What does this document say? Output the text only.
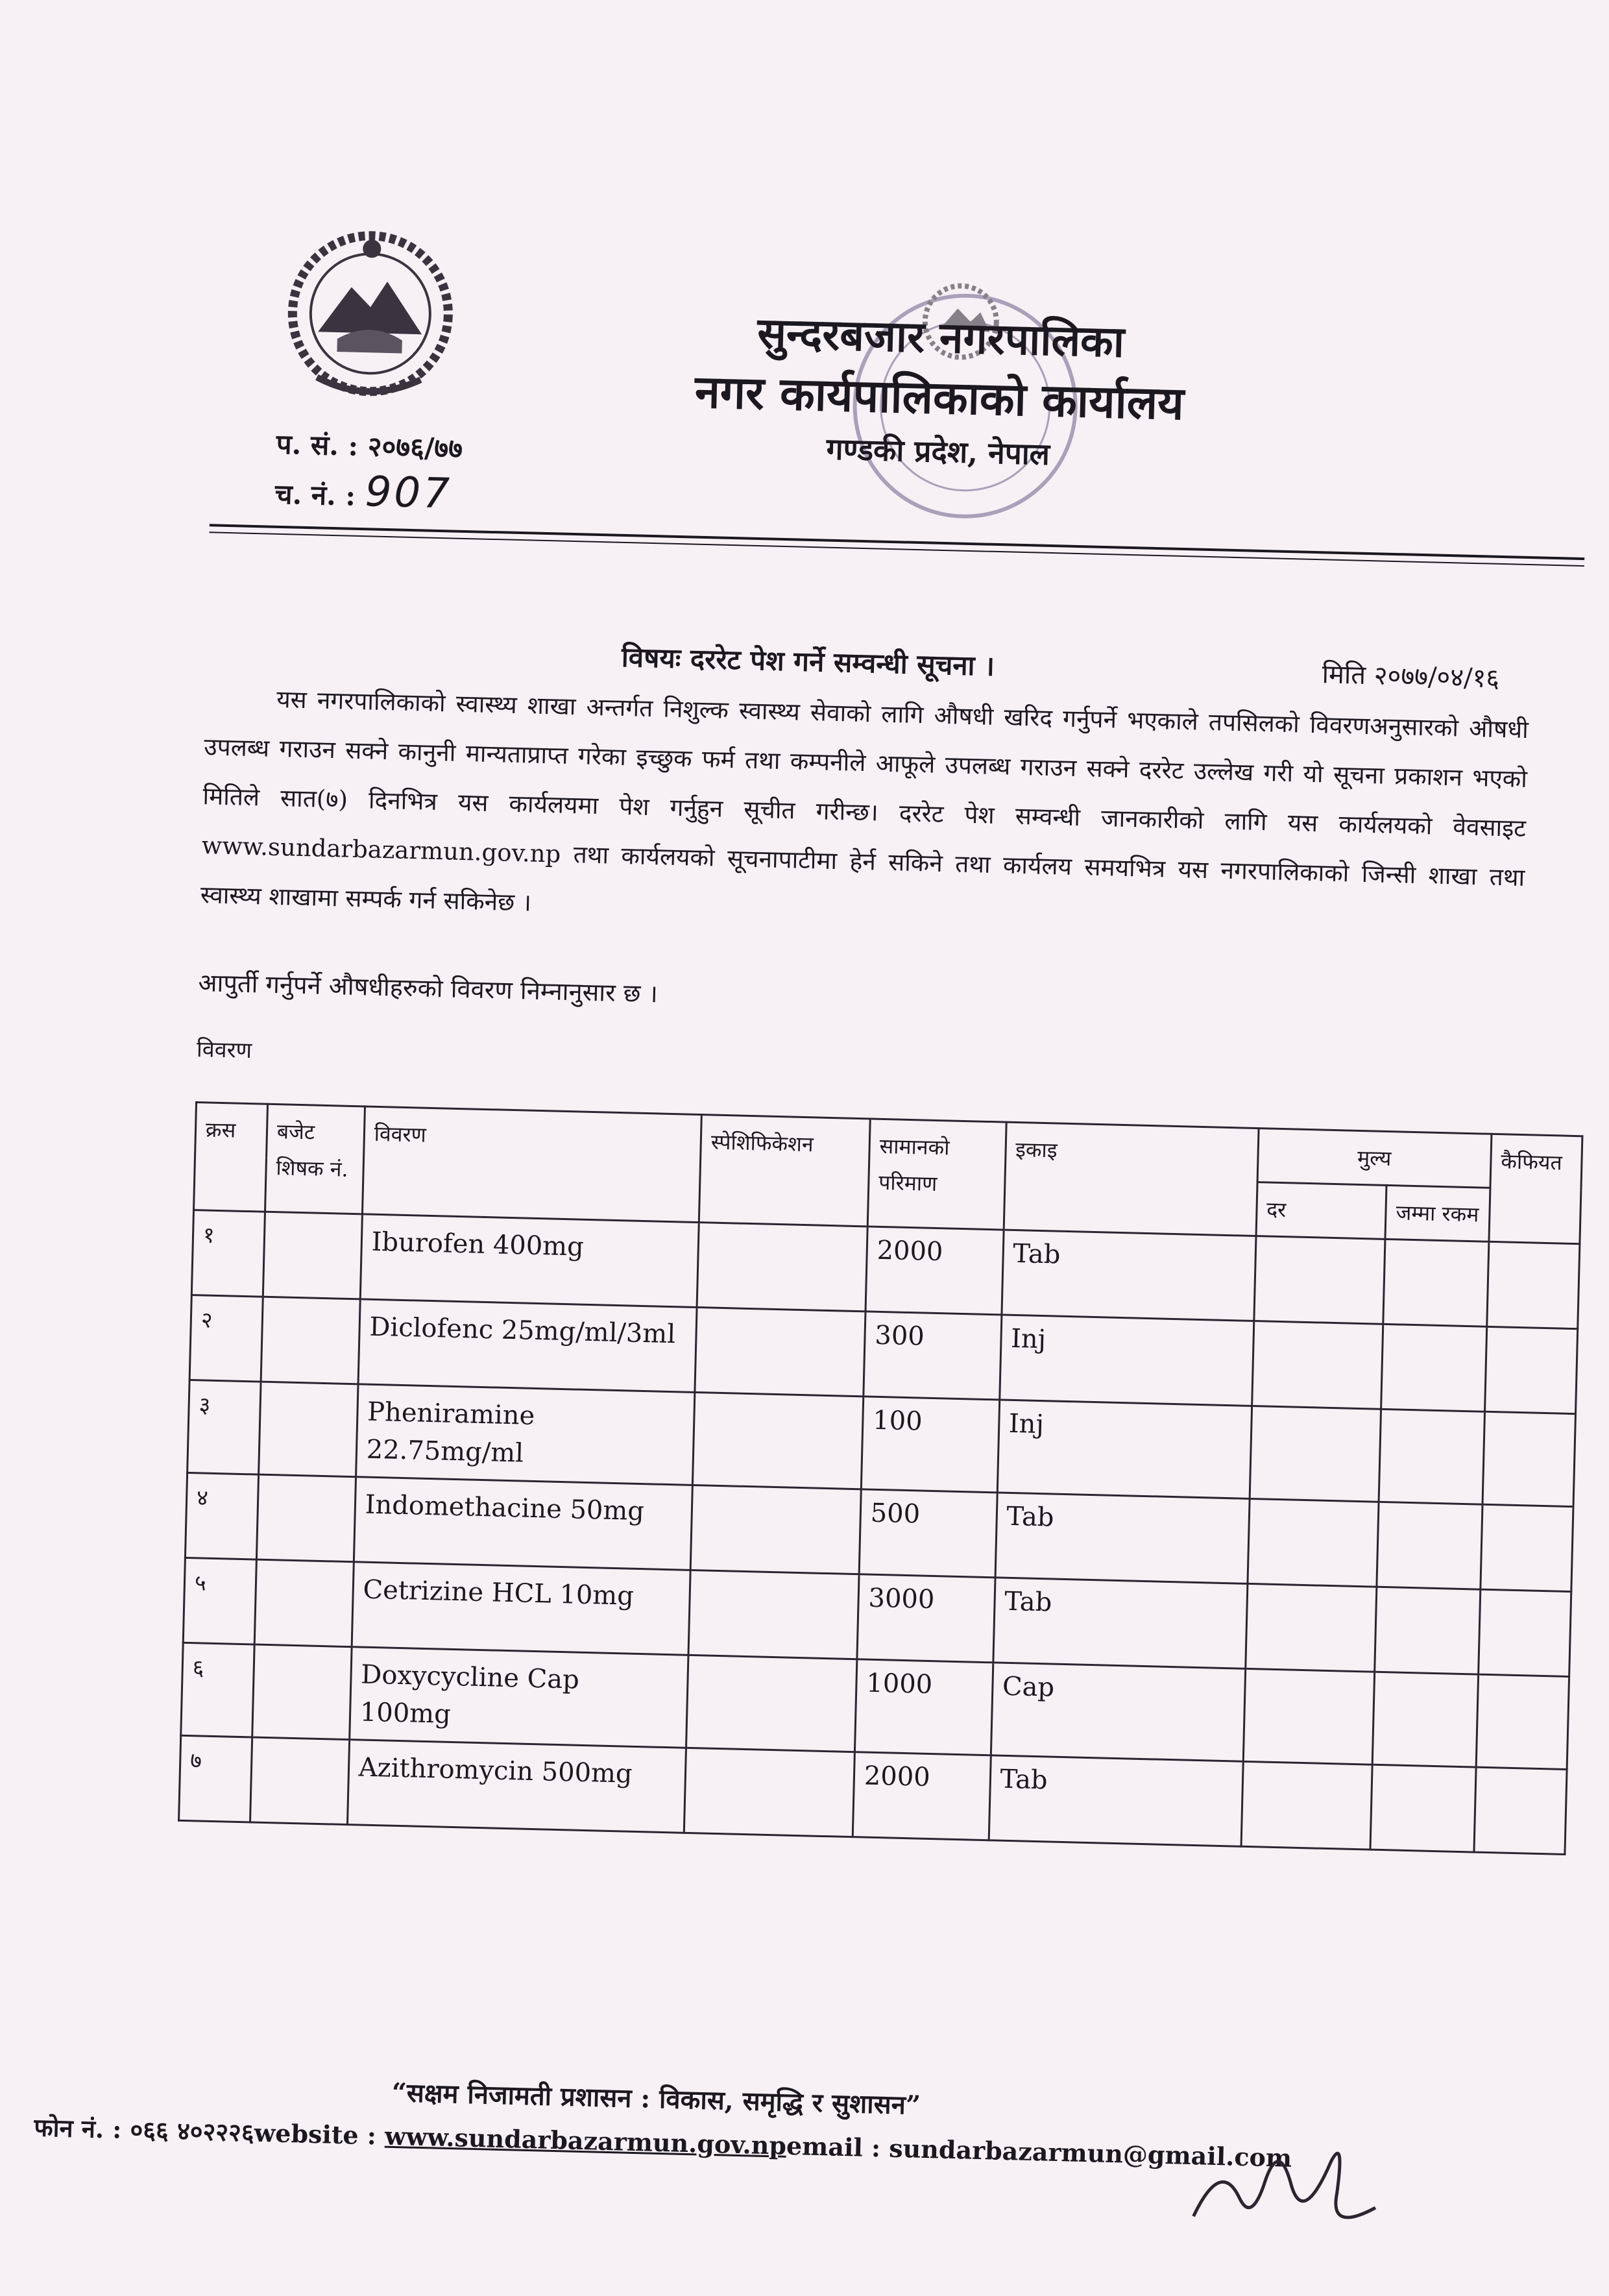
सुन्दरबजार नगरपालिका
नगर कार्यपालिकाको कार्यालय
गण्डकी प्रदेश, नेपाल
प. सं. : २०७६/७७
च. नं. : 907
विषयः दररेट पेश गर्ने सम्वन्धी सूचना ।	मिति २०७७/०४/१६

यस नगरपालिकाको स्वास्थ्य शाखा अन्तर्गत निशुल्क स्वास्थ्य सेवाको लागि औषधी खरिद गर्नुपर्ने भएकाले तपसिलको विवरणअनुसारको औषधी उपलब्ध गराउन सक्ने कानुनी मान्यताप्राप्त गरेका इच्छुक फर्म तथा कम्पनीले आफूले उपलब्ध गराउन सक्ने दररेट उल्लेख गरी यो सूचना प्रकाशन भएको मितिले सात(७) दिनभित्र यस कार्यलयमा पेश गर्नुहुन सूचीत गरीन्छ। दररेट पेश सम्वन्धी जानकारीको लागि यस कार्यलयको वेवसाइट www.sundarbazarmun.gov.np तथा कार्यलयको सूचनापाटीमा हेर्न सकिने तथा कार्यलय समयभित्र यस नगरपालिकाको जिन्सी शाखा तथा स्वास्थ्य शाखामा सम्पर्क गर्न सकिनेछ ।

आपुर्ती गर्नुपर्ने औषधीहरुको विवरण निम्नानुसार छ ।
विवरण
क्रस	बजेट शिषक नं.	विवरण	स्पेशिफिकेशन	सामानको परिमाण	इकाइ	मुल्य		कैफियत
						दर	जम्मा रकम	
१		Iburofen 400mg		2000	Tab			
२		Diclofenc 25mg/ml/3ml		300	Inj			
३		Pheniramine 22.75mg/ml		100	Inj			
४		Indomethacine 50mg		500	Tab			
५		Cetrizine HCL 10mg		3000	Tab			
६		Doxycycline Cap 100mg		1000	Cap			
७		Azithromycin 500mg		2000	Tab			
“सक्षम निजामती प्रशासन : विकास, समृद्धि र सुशासन”
फोन नं. : ०६६ ४०२२२६website : www.sundarbazarmun.gov.npemail : sundarbazarmun@gmail.com
